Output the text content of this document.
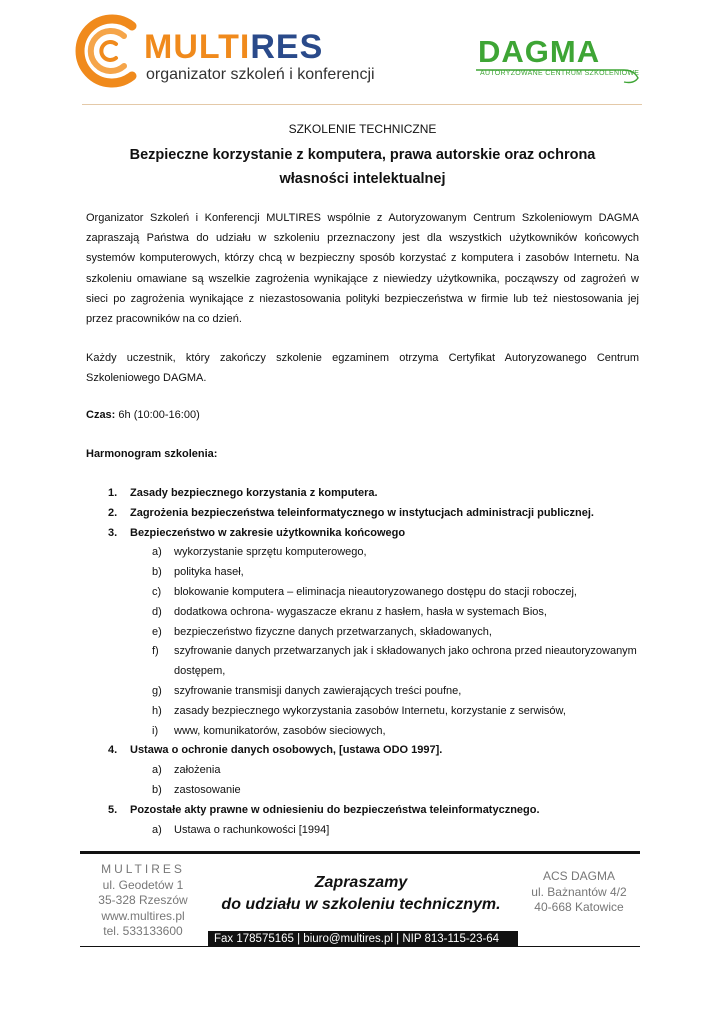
MULTIRES
organizator szkoleń i konferencji
DAGMA
AUTORYZOWANE CENTRUM SZKOLENIOWE
SZKOLENIE TECHNICZNE
Bezpieczne korzystanie z komputera, prawa autorskie oraz ochrona własności intelektualnej
Organizator Szkoleń i Konferencji MULTIRES wspólnie z Autoryzowanym Centrum Szkoleniowym DAGMA zapraszają Państwa do udziału w szkoleniu przeznaczony jest dla wszystkich użytkowników końcowych systemów komputerowych, którzy chcą w bezpieczny sposób korzystać z komputera i zasobów Internetu. Na szkoleniu omawiane są wszelkie zagrożenia wynikające z niewiedzy użytkownika, począwszy od zagrożeń w sieci po zagrożenia wynikające z niezastosowania polityki bezpieczeństwa w firmie lub też niestosowania jej przez pracowników na co dzień.
Każdy uczestnik, który zakończy szkolenie egzaminem otrzyma Certyfikat Autoryzowanego Centrum Szkoleniowego DAGMA.
Czas: 6h (10:00-16:00)
Harmonogram szkolenia:
1. Zasady bezpiecznego korzystania z komputera.
2. Zagrożenia bezpieczeństwa teleinformatycznego w instytucjach administracji publicznej.
3. Bezpieczeństwo w zakresie użytkownika końcowego
a) wykorzystanie sprzętu komputerowego,
b) polityka haseł,
c) blokowanie komputera – eliminacja nieautoryzowanego dostępu do stacji roboczej,
d) dodatkowa ochrona- wygaszacze ekranu z hasłem, hasła w systemach Bios,
e) bezpieczeństwo fizyczne danych przetwarzanych, składowanych,
f) szyfrowanie danych przetwarzanych jak i składowanych jako ochrona przed nieautoryzowanym dostępem,
g) szyfrowanie transmisji danych zawierających treści poufne,
h) zasady bezpiecznego wykorzystania zasobów Internetu, korzystanie z serwisów,
i) www, komunikatorów, zasobów sieciowych,
4. Ustawa o ochronie danych osobowych, [ustawa ODO 1997].
a) założenia
b) zastosowanie
5. Pozostałe akty prawne w odniesieniu do bezpieczeństwa teleinformatycznego.
a) Ustawa o rachunkowości [1994]
MULTIRES
ul. Geodetów 1
35-328 Rzeszów
www.multires.pl
tel. 533133600
Zapraszamy
do udziału w szkoleniu technicznym.
ACS DAGMA
ul. Bażnantów 4/2
40-668 Katowice
Fax 178575165 | biuro@multires.pl | NIP 813-115-23-64
